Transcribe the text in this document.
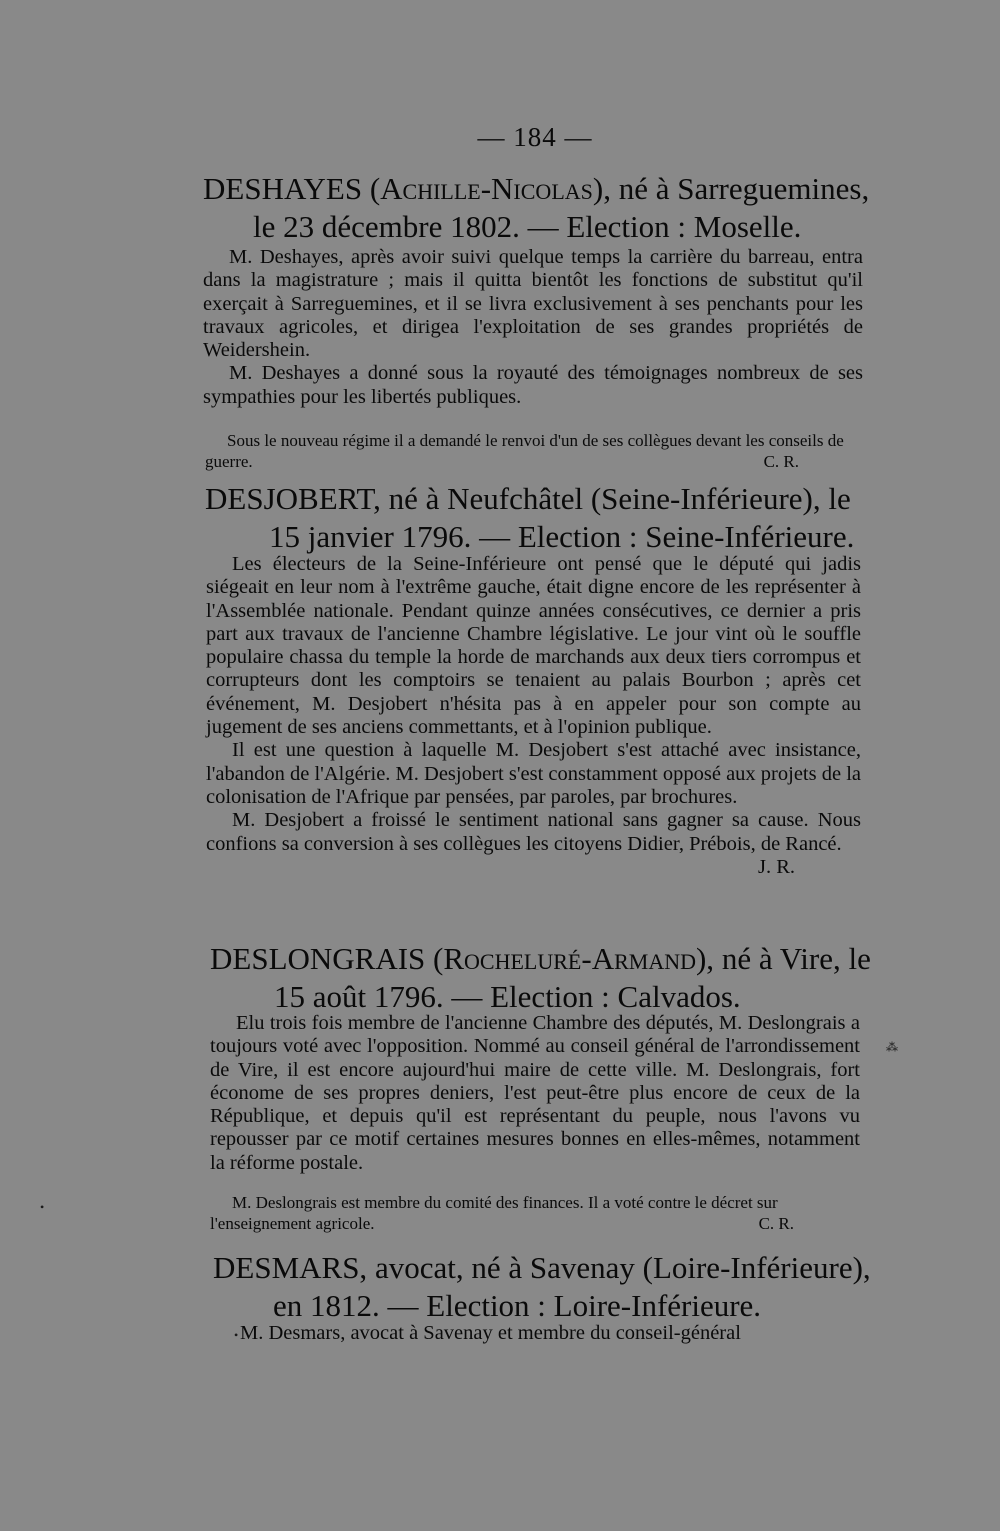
— 184 —
DESHAYES (Achille-Nicolas), né à Sarreguemines,
le 23 décembre 1802. — Election : Moselle.

M. Deshayes, après avoir suivi quelque temps la carrière du barreau, entra dans la magistrature ; mais il quitta bientôt les fonctions de substitut qu'il exerçait à Sarreguemines, et il se livra exclusivement à ses penchants pour les travaux agricoles, et dirigea l'exploitation de ses grandes propriétés de Weidershein.

M. Deshayes a donné sous la royauté des témoignages nombreux de ses sympathies pour les libertés publiques.

Sous le nouveau régime il a demandé le renvoi d'un de ses collègues devant les conseils de guerre.	C. R.

DESJOBERT, né à Neufchâtel (Seine-Inférieure), le
15 janvier 1796. — Election : Seine-Inférieure.

Les électeurs de la Seine-Inférieure ont pensé que le député qui jadis siégeait en leur nom à l'extrême gauche, était digne encore de les représenter à l'Assemblée nationale. Pendant quinze années consécutives, ce dernier a pris part aux travaux de l'ancienne Chambre législative. Le jour vint où le souffle populaire chassa du temple la horde de marchands aux deux tiers corrompus et corrupteurs dont les comptoirs se tenaient au palais Bourbon ; après cet événement, M. Desjobert n'hésita pas à en appeler pour son compte au jugement de ses anciens commettants, et à l'opinion publique.

Il est une question à laquelle M. Desjobert s'est attaché avec insistance, l'abandon de l'Algérie. M. Desjobert s'est constamment opposé aux projets de la colonisation de l'Afrique par pensées, par paroles, par brochures.

M. Desjobert a froissé le sentiment national sans gagner sa cause. Nous confions sa conversion à ses collègues les citoyens Didier, Prébois, de Rancé.
J. R.

DESLONGRAIS (Rocheluré-Armand), né à Vire, le
15 août 1796. — Election : Calvados.

Elu trois fois membre de l'ancienne Chambre des députés, M. Deslongrais a toujours voté avec l'opposition. Nommé au conseil général de l'arrondissement de Vire, il est encore aujourd'hui maire de cette ville. M. Deslongrais, fort économe de ses propres deniers, l'est peut-être plus encore de ceux de la République, et depuis qu'il est représentant du peuple, nous l'avons vu repousser par ce motif certaines mesures bonnes en elles-mêmes, notamment la réforme postale.

M. Deslongrais est membre du comité des finances. Il a voté contre le décret sur l'enseignement agricole.	C. R.

DESMARS, avocat, né à Savenay (Loire-Inférieure),
en 1812. — Election : Loire-Inférieure.

M. Desmars, avocat à Savenay et membre du conseil-général

•
•
⁂
